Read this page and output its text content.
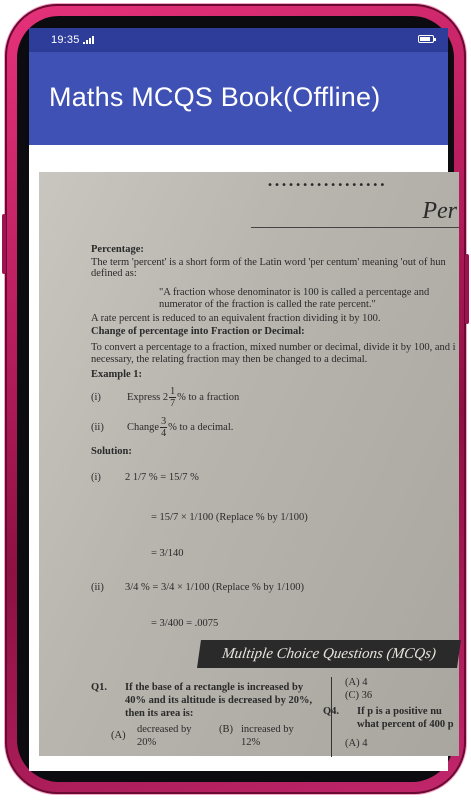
19:35
Maths MCQS Book(Offline)
•••••••••••••••••
Per
Percentage:
The term 'percent' is a short form of the Latin word 'per centum' meaning 'out of hun
defined as:
"A fraction whose denominator is 100 is called a percentage and
numerator of the fraction is called the rate percent."
A rate percent is reduced to an equivalent fraction dividing it by 100.
Change of percentage into Fraction or Decimal:
To convert a percentage to a fraction, mixed number or decimal, divide it by 100, and i
necessary, the relating fraction may then be changed to a decimal.
Example 1:
(i) Express $2 \frac{1}{7}$ % to a fraction
(ii) Change $\frac{3}{4}$ % to a decimal.
Solution:
(i) 2 1/7 % = 15/7 %
= 15/7 × 1/100 (Replace % by 1/100)
= 3/140
(ii) 3/4 % = 3/4 × 1/100 (Replace % by 1/100)
= 3/400 = .0075
Multiple Choice Questions (MCQs)
Q1. If the base of a rectangle is increased by
40% and its altitude is decreased by 20%,
then its area is:
(A)
decreased by
20%
(B) increased by
12%
(A) 4
(C) 36
Q4. If p is a positive nu
what percent of 400 p
(A) 4
